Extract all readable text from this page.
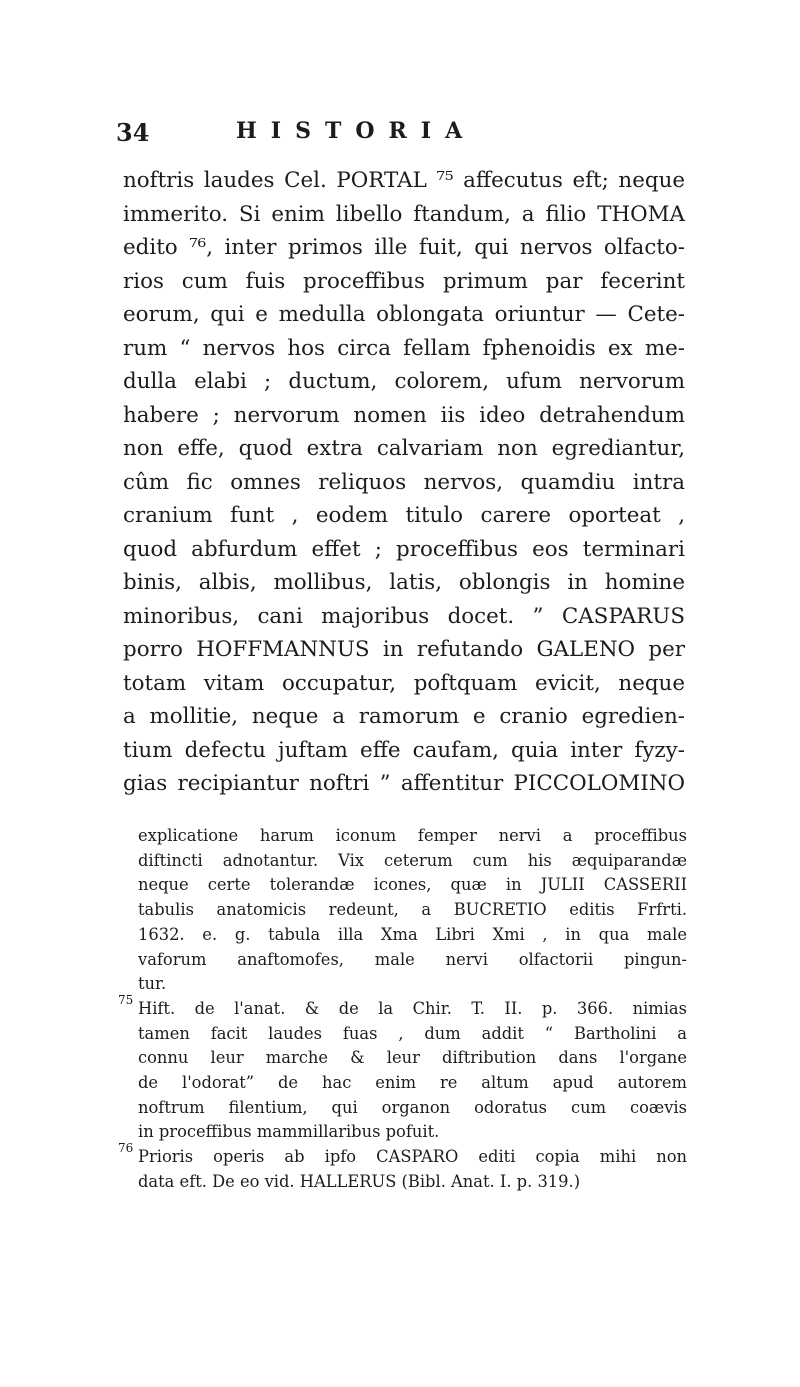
34	HISTORIA
noftris laudes Cel. PORTAL ⁷⁵ affecutus eft; neque
immerito. Si enim libello ftandum, a filio THOMA
edito ⁷⁶, inter primos ille fuit, qui nervos olfacto-
rios cum fuis proceffibus primum par fecerint
eorum, qui e medulla oblongata oriuntur — Cete-
rum “ nervos hos circa fellam fphenoidis ex me-
dulla elabi ; ductum, colorem, ufum nervorum
habere ; nervorum nomen iis ideo detrahendum
non effe, quod extra calvariam non egrediantur,
cûm fic omnes reliquos nervos, quamdiu intra
cranium funt , eodem titulo carere oporteat ,
quod abfurdum effet ; proceffibus eos terminari
binis, albis, mollibus, latis, oblongis in homine
minoribus, cani majoribus docet. ” CASPARUS
porro HOFFMANNUS in refutando GALENO per
totam vitam occupatur, poftquam evicit, neque
a mollitie, neque a ramorum e cranio egredien-
tium defectu juftam effe caufam, quia inter fyzy-
gias recipiantur noftri ” affentitur PICCOLOMINO
explicatione harum iconum femper nervi a proceffibus
diftincti adnotantur. Vix ceterum cum his æquiparandæ
neque certe tolerandæ icones, quæ in JULII CASSERII
tabulis anatomicis redeunt, a BUCRETIO editis Frfrti.
1632. e. g. tabula illa Xma Libri Xmi , in qua male
vaforum anaftomofes, male nervi olfactorii pingun-
tur.
75 Hift. de l'anat. & de la Chir. T. II. p. 366. nimias
tamen facit laudes fuas , dum addit “ Bartholini a
connu leur marche & leur diftribution dans l'organe
de l'odorat” de hac enim re altum apud autorem
noftrum filentium, qui organon odoratus cum coævis
in proceffibus mammillaribus pofuit.
76 Prioris operis ab ipfo CASPARO editi copia mihi non
data eft. De eo vid. HALLERUS (Bibl. Anat. I. p. 319.)
